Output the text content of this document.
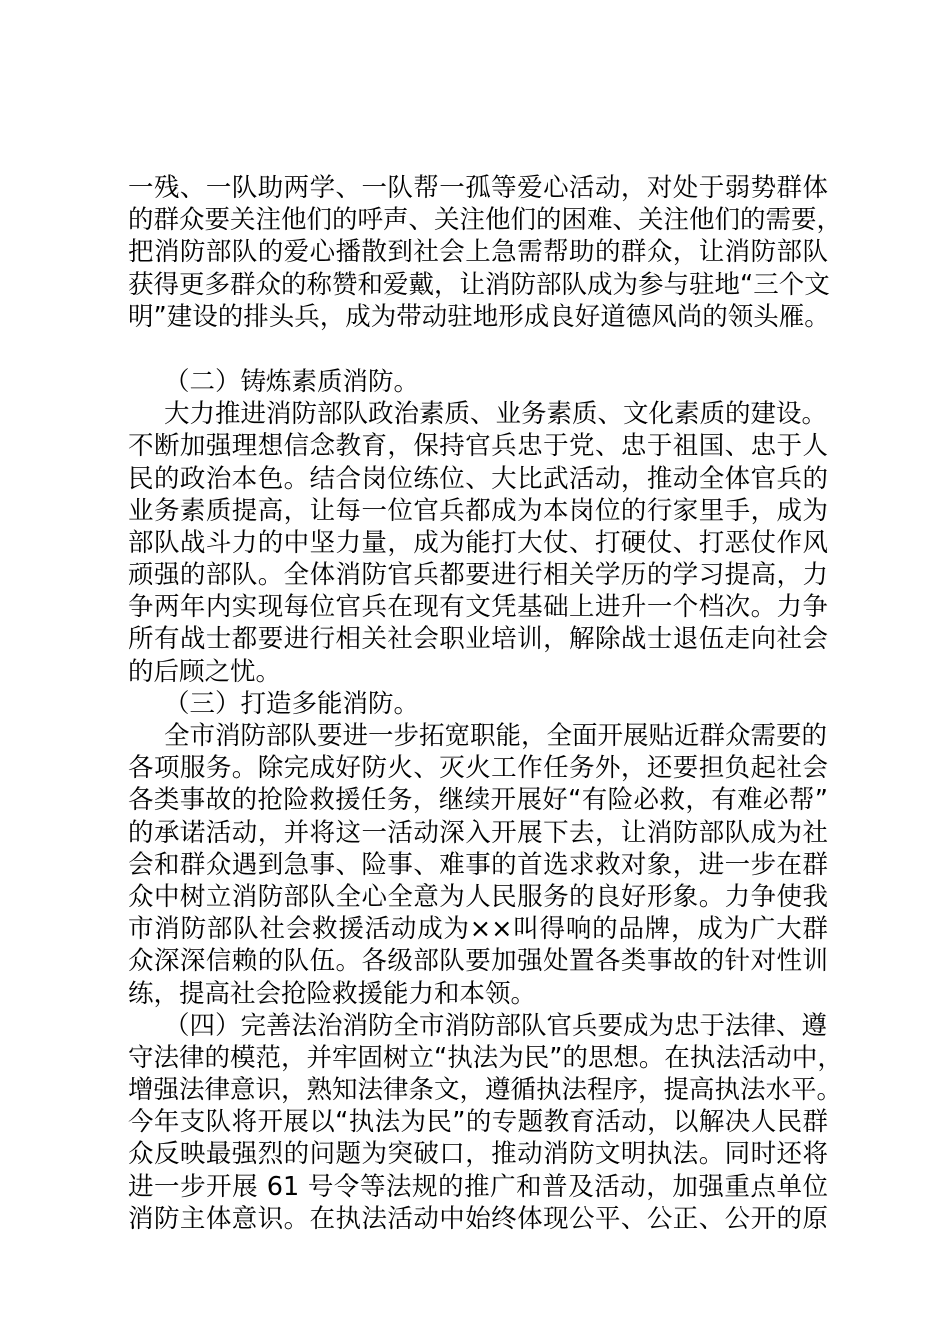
一残、一队助两学、一队帮一孤等爱心活动，对处于弱势群体
的群众要关注他们的呼声、关注他们的困难、关注他们的需要，
把消防部队的爱心播散到社会上急需帮助的群众，让消防部队
获得更多群众的称赞和爱戴，让消防部队成为参与驻地“三个文
明”建设的排头兵，成为带动驻地形成良好道德风尚的领头雁。
（二）铸炼素质消防。
大力推进消防部队政治素质、业务素质、文化素质的建设。
不断加强理想信念教育，保持官兵忠于党、忠于祖国、忠于人
民的政治本色。结合岗位练位、大比武活动，推动全体官兵的
业务素质提高，让每一位官兵都成为本岗位的行家里手，成为
部队战斗力的中坚力量，成为能打大仗、打硬仗、打恶仗作风
顽强的部队。全体消防官兵都要进行相关学历的学习提高，力
争两年内实现每位官兵在现有文凭基础上进升一个档次。力争
所有战士都要进行相关社会职业培训，解除战士退伍走向社会
的后顾之忧。
（三）打造多能消防。
全市消防部队要进一步拓宽职能，全面开展贴近群众需要的
各项服务。除完成好防火、灭火工作任务外，还要担负起社会
各类事故的抢险救援任务，继续开展好“有险必救，有难必帮”
的承诺活动，并将这一活动深入开展下去，让消防部队成为社
会和群众遇到急事、险事、难事的首选求救对象，进一步在群
众中树立消防部队全心全意为人民服务的良好形象。力争使我
市消防部队社会救援活动成为××叫得响的品牌，成为广大群
众深深信赖的队伍。各级部队要加强处置各类事故的针对性训
练，提高社会抢险救援能力和本领。
（四）完善法治消防全市消防部队官兵要成为忠于法律、遵
守法律的模范，并牢固树立“执法为民”的思想。在执法活动中，
增强法律意识，熟知法律条文，遵循执法程序，提高执法水平。
今年支队将开展以“执法为民”的专题教育活动，以解决人民群
众反映最强烈的问题为突破口，推动消防文明执法。同时还将
进一步开展 61 号令等法规的推广和普及活动，加强重点单位
消防主体意识。在执法活动中始终体现公平、公正、公开的原
